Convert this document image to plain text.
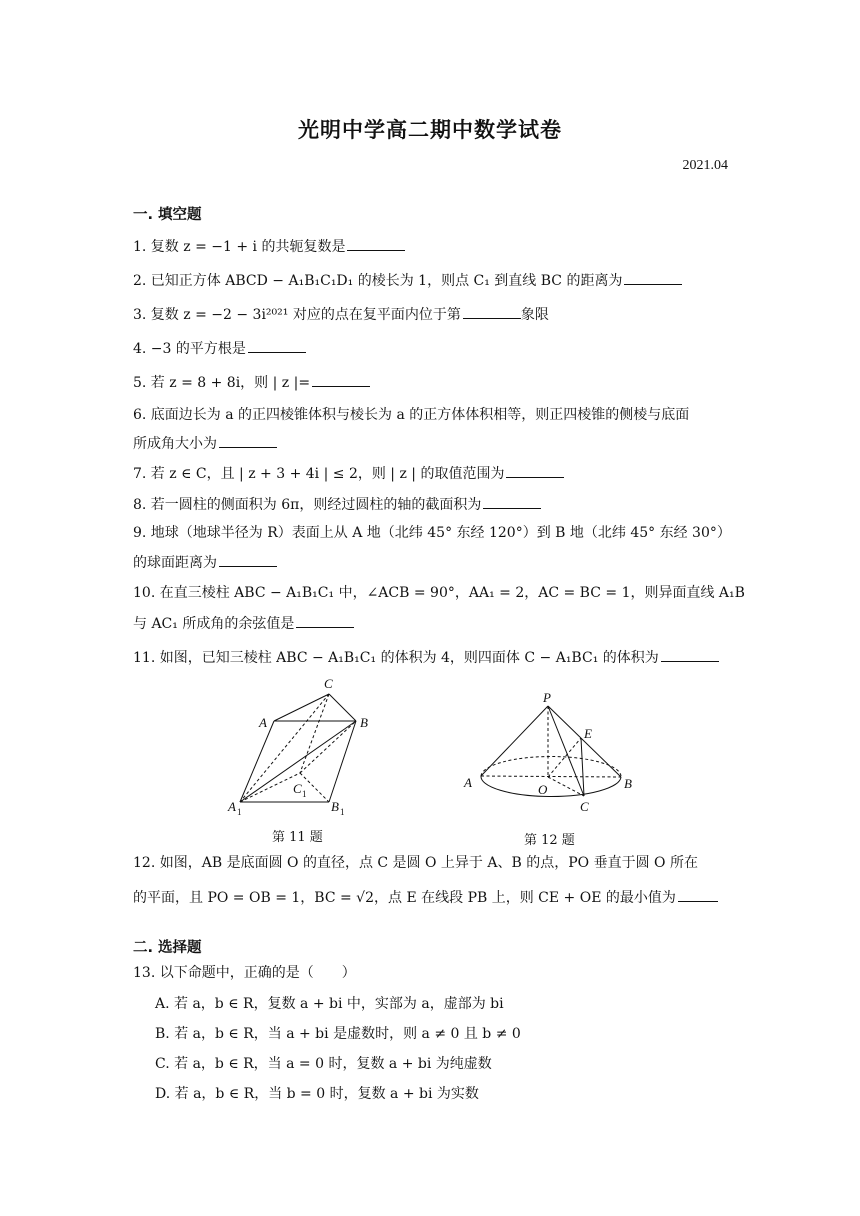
光明中学高二期中数学试卷
2021.04
一. 填空题
1. 复数 z = −1 + i 的共轭复数是
2. 已知正方体 ABCD − A₁B₁C₁D₁ 的棱长为 1，则点 C₁ 到直线 BC 的距离为
3. 复数 z = −2 − 3i²⁰²¹ 对应的点在复平面内位于第	象限
4. −3 的平方根是
5. 若 z = 8 + 8i，则 | z |=
6. 底面边长为 a 的正四棱锥体积与棱长为 a 的正方体体积相等，则正四棱锥的侧棱与底面
所成角大小为
7. 若 z ∈ C，且 | z + 3 + 4i | ≤ 2，则 | z | 的取值范围为
8. 若一圆柱的侧面积为 6π，则经过圆柱的轴的截面积为
9. 地球（地球半径为 R）表面上从 A 地（北纬 45° 东经 120°）到 B 地（北纬 45° 东经 30°）
的球面距离为
10. 在直三棱柱 ABC − A₁B₁C₁ 中，∠ACB = 90°，AA₁ = 2，AC = BC = 1，则异面直线 A₁B
与 AC₁ 所成角的余弦值是
11. 如图，已知三棱柱 ABC − A₁B₁C₁ 的体积为 4，则四面体 C − A₁BC₁ 的体积为
C
A	B
C 1
A 1	B 1
第 11 题
P
E
A	B
O
C
第 12 题
12. 如图，AB 是底面圆 O 的直径，点 C 是圆 O 上异于 A、B 的点，PO 垂直于圆 O 所在
的平面，且 PO = OB = 1，BC = √2，点 E 在线段 PB 上，则 CE + OE 的最小值为
二. 选择题
13. 以下命题中，正确的是（　　）
A. 若 a，b ∈ R，复数 a + bi 中，实部为 a，虚部为 bi
B. 若 a，b ∈ R，当 a + bi 是虚数时，则 a ≠ 0 且 b ≠ 0
C. 若 a，b ∈ R，当 a = 0 时，复数 a + bi 为纯虚数
D. 若 a，b ∈ R，当 b = 0 时，复数 a + bi 为实数
